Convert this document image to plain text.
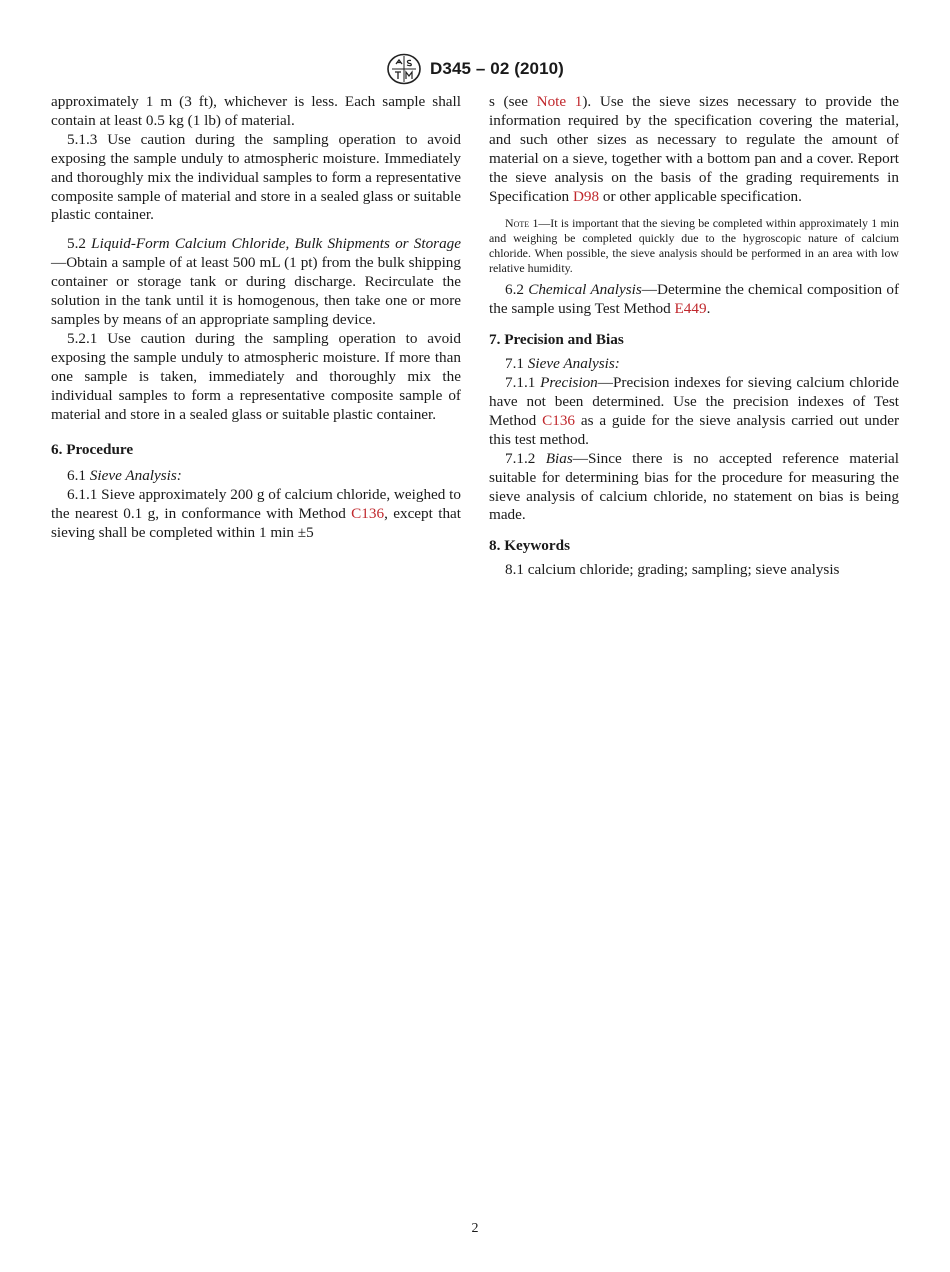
D345 – 02 (2010)

approximately 1 m (3 ft), whichever is less. Each sample shall contain at least 0.5 kg (1 lb) of material.

5.1.3 Use caution during the sampling operation to avoid exposing the sample unduly to atmospheric moisture. Immediately and thoroughly mix the individual samples to form a representative composite sample of material and store in a sealed glass or suitable plastic container.

5.2 Liquid-Form Calcium Chloride, Bulk Shipments or Storage—Obtain a sample of at least 500 mL (1 pt) from the bulk shipping container or storage tank or during discharge. Recirculate the solution in the tank until it is homogenous, then take one or more samples by means of an appropriate sampling device.

5.2.1 Use caution during the sampling operation to avoid exposing the sample unduly to atmospheric moisture. If more than one sample is taken, immediately and thoroughly mix the individual samples to form a representative composite sample of material and store in a sealed glass or suitable plastic container.

6. Procedure

6.1 Sieve Analysis:

6.1.1 Sieve approximately 200 g of calcium chloride, weighed to the nearest 0.1 g, in conformance with Method C136, except that sieving shall be completed within 1 min ±5

s (see Note 1). Use the sieve sizes necessary to provide the information required by the specification covering the material, and such other sizes as necessary to regulate the amount of material on a sieve, together with a bottom pan and a cover. Report the sieve analysis on the basis of the grading requirements in Specification D98 or other applicable specification.

Note 1—It is important that the sieving be completed within approximately 1 min and weighing be completed quickly due to the hygroscopic nature of calcium chloride. When possible, the sieve analysis should be performed in an area with low relative humidity.

6.2 Chemical Analysis—Determine the chemical composition of the sample using Test Method E449.

7. Precision and Bias

7.1 Sieve Analysis:

7.1.1 Precision—Precision indexes for sieving calcium chloride have not been determined. Use the precision indexes of Test Method C136 as a guide for the sieve analysis carried out under this test method.

7.1.2 Bias—Since there is no accepted reference material suitable for determining bias for the procedure for measuring the sieve analysis of calcium chloride, no statement on bias is being made.

8. Keywords

8.1 calcium chloride; grading; sampling; sieve analysis

2
